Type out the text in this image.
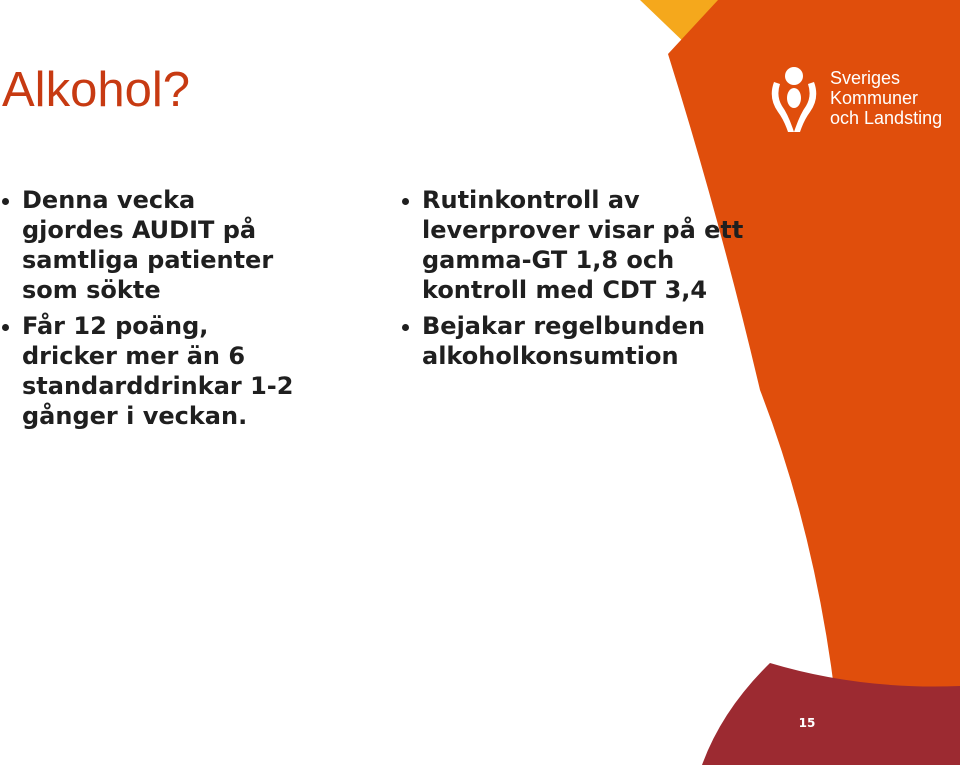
Alkohol?
Denna vecka gjordes AUDIT på samtliga patienter som sökte
Får 12 poäng, dricker mer än 6 standarddrinkar 1-2 gånger i veckan.
Rutinkontroll av leverprover visar på ett gamma-GT 1,8 och kontroll med CDT 3,4
Bejakar regelbunden alkoholkonsumtion
Sveriges
Kommuner
och Landsting
15
